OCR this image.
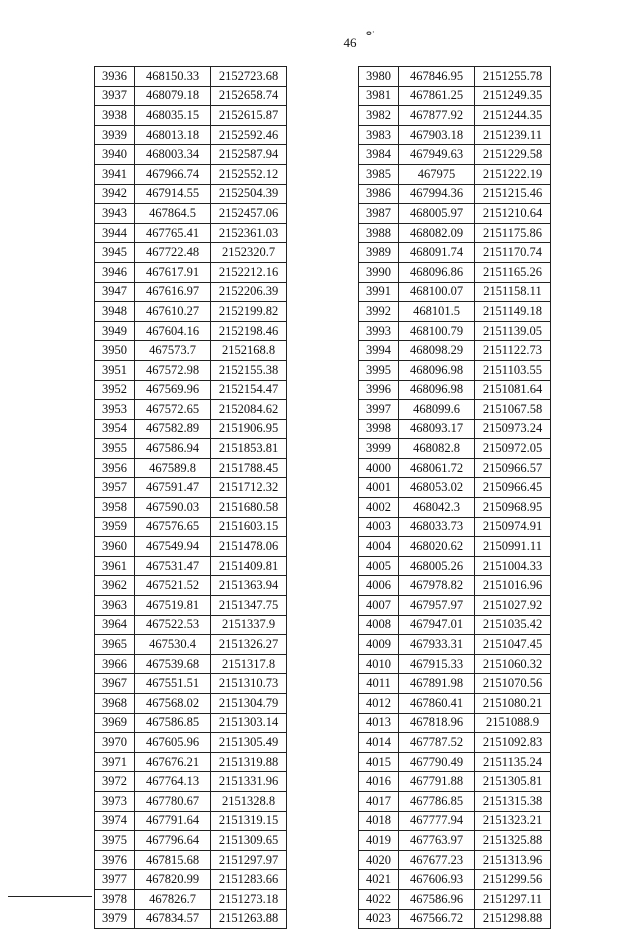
ⴰ·
46
3936	468150.33	2152723.68
3937	468079.18	2152658.74
3938	468035.15	2152615.87
3939	468013.18	2152592.46
3940	468003.34	2152587.94
3941	467966.74	2152552.12
3942	467914.55	2152504.39
3943	467864.5	2152457.06
3944	467765.41	2152361.03
3945	467722.48	2152320.7
3946	467617.91	2152212.16
3947	467616.97	2152206.39
3948	467610.27	2152199.82
3949	467604.16	2152198.46
3950	467573.7	2152168.8
3951	467572.98	2152155.38
3952	467569.96	2152154.47
3953	467572.65	2152084.62
3954	467582.89	2151906.95
3955	467586.94	2151853.81
3956	467589.8	2151788.45
3957	467591.47	2151712.32
3958	467590.03	2151680.58
3959	467576.65	2151603.15
3960	467549.94	2151478.06
3961	467531.47	2151409.81
3962	467521.52	2151363.94
3963	467519.81	2151347.75
3964	467522.53	2151337.9
3965	467530.4	2151326.27
3966	467539.68	2151317.8
3967	467551.51	2151310.73
3968	467568.02	2151304.79
3969	467586.85	2151303.14
3970	467605.96	2151305.49
3971	467676.21	2151319.88
3972	467764.13	2151331.96
3973	467780.67	2151328.8
3974	467791.64	2151319.15
3975	467796.64	2151309.65
3976	467815.68	2151297.97
3977	467820.99	2151283.66
3978	467826.7	2151273.18
3979	467834.57	2151263.88
3980	467846.95	2151255.78
3981	467861.25	2151249.35
3982	467877.92	2151244.35
3983	467903.18	2151239.11
3984	467949.63	2151229.58
3985	467975	2151222.19
3986	467994.36	2151215.46
3987	468005.97	2151210.64
3988	468082.09	2151175.86
3989	468091.74	2151170.74
3990	468096.86	2151165.26
3991	468100.07	2151158.11
3992	468101.5	2151149.18
3993	468100.79	2151139.05
3994	468098.29	2151122.73
3995	468096.98	2151103.55
3996	468096.98	2151081.64
3997	468099.6	2151067.58
3998	468093.17	2150973.24
3999	468082.8	2150972.05
4000	468061.72	2150966.57
4001	468053.02	2150966.45
4002	468042.3	2150968.95
4003	468033.73	2150974.91
4004	468020.62	2150991.11
4005	468005.26	2151004.33
4006	467978.82	2151016.96
4007	467957.97	2151027.92
4008	467947.01	2151035.42
4009	467933.31	2151047.45
4010	467915.33	2151060.32
4011	467891.98	2151070.56
4012	467860.41	2151080.21
4013	467818.96	2151088.9
4014	467787.52	2151092.83
4015	467790.49	2151135.24
4016	467791.88	2151305.81
4017	467786.85	2151315.38
4018	467777.94	2151323.21
4019	467763.97	2151325.88
4020	467677.23	2151313.96
4021	467606.93	2151299.56
4022	467586.96	2151297.11
4023	467566.72	2151298.88
